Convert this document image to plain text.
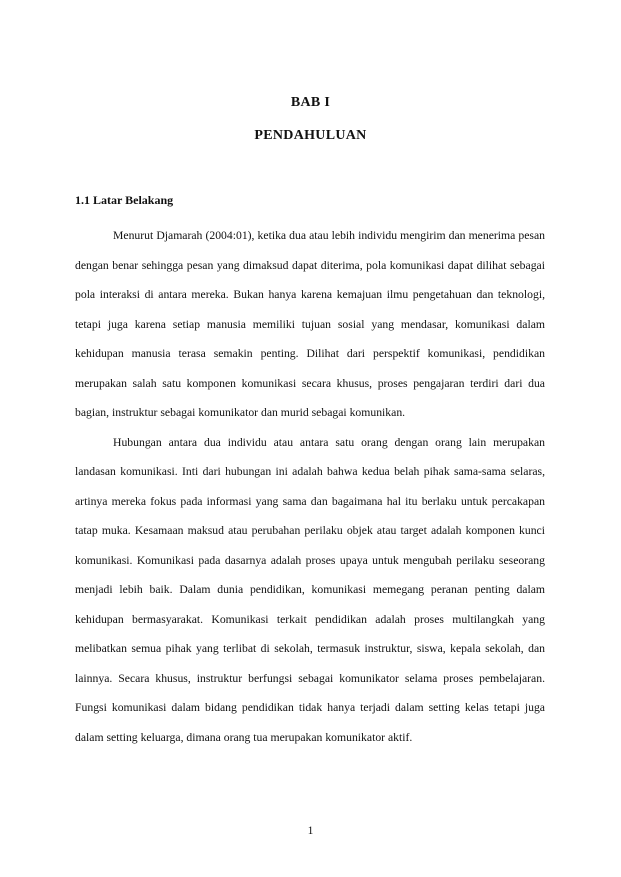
BAB I
PENDAHULUAN
1.1 Latar Belakang

Menurut Djamarah (2004:01), ketika dua atau lebih individu mengirim dan menerima pesan dengan benar sehingga pesan yang dimaksud dapat diterima, pola komunikasi dapat dilihat sebagai pola interaksi di antara mereka. Bukan hanya karena kemajuan ilmu pengetahuan dan teknologi, tetapi juga karena setiap manusia memiliki tujuan sosial yang mendasar, komunikasi dalam kehidupan manusia terasa semakin penting. Dilihat dari perspektif komunikasi, pendidikan merupakan salah satu komponen komunikasi secara khusus, proses pengajaran terdiri dari dua bagian, instruktur sebagai komunikator dan murid sebagai komunikan.

Hubungan antara dua individu atau antara satu orang dengan orang lain merupakan landasan komunikasi. Inti dari hubungan ini adalah bahwa kedua belah pihak sama-sama selaras, artinya mereka fokus pada informasi yang sama dan bagaimana hal itu berlaku untuk percakapan tatap muka. Kesamaan maksud atau perubahan perilaku objek atau target adalah komponen kunci komunikasi. Komunikasi pada dasarnya adalah proses upaya untuk mengubah perilaku seseorang menjadi lebih baik. Dalam dunia pendidikan, komunikasi memegang peranan penting dalam kehidupan bermasyarakat. Komunikasi terkait pendidikan adalah proses multilangkah yang melibatkan semua pihak yang terlibat di sekolah, termasuk instruktur, siswa, kepala sekolah, dan lainnya. Secara khusus, instruktur berfungsi sebagai komunikator selama proses pembelajaran. Fungsi komunikasi dalam bidang pendidikan tidak hanya terjadi dalam setting kelas tetapi juga dalam setting keluarga, dimana orang tua merupakan komunikator aktif.

1
